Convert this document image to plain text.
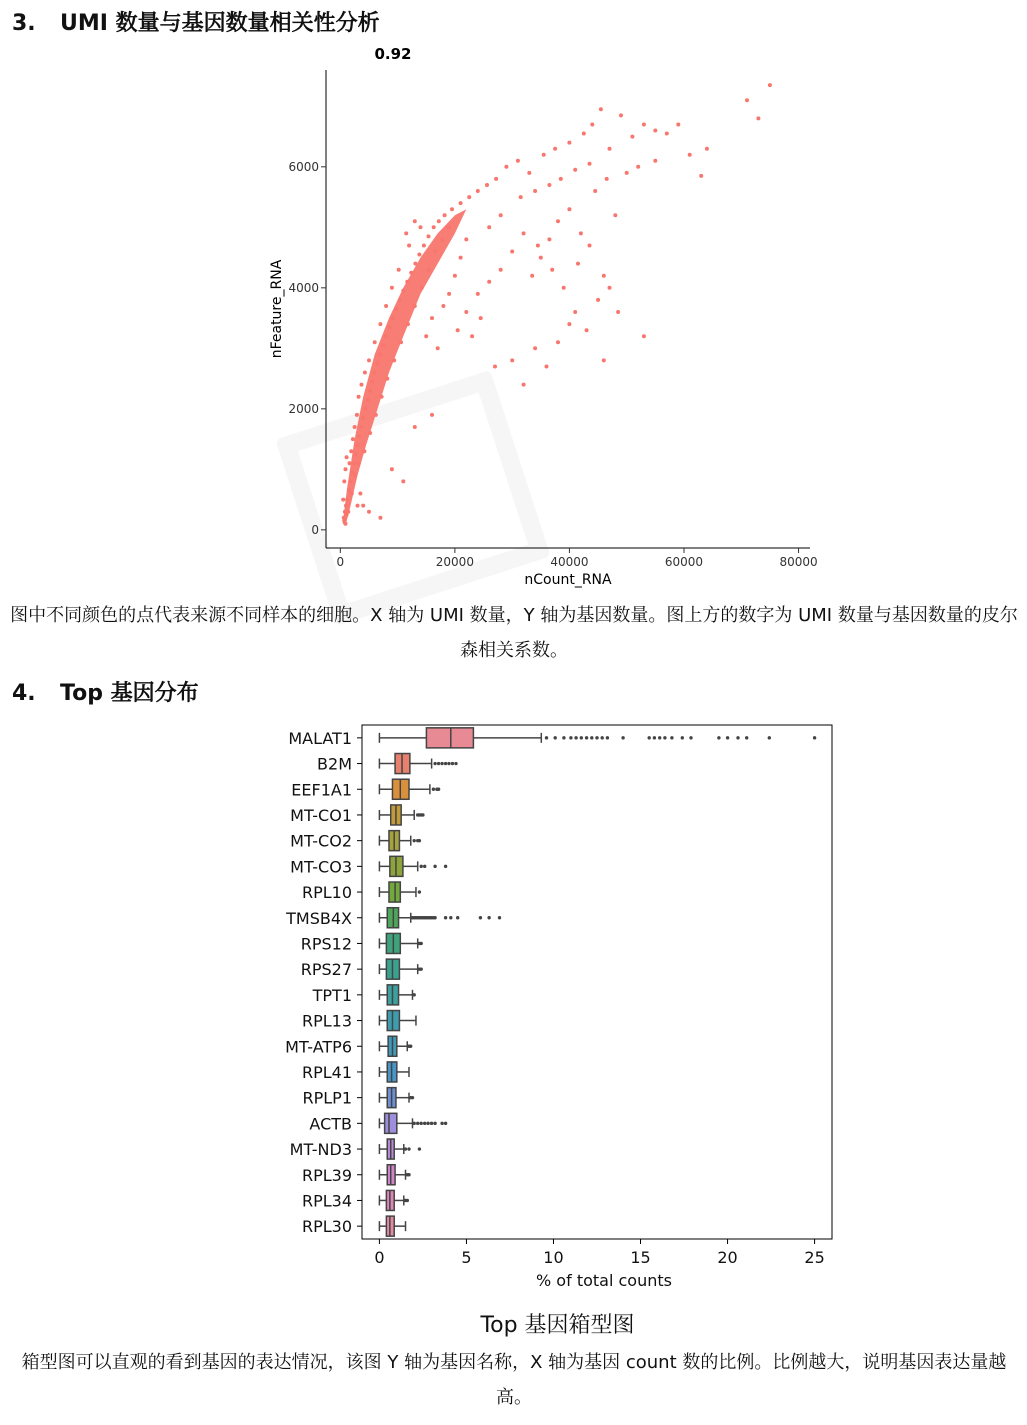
3. UMI 数量与基因数量相关性分析
0	20000	40000	60000	80000
0
2000
4000
6000
0.92
nCount_RNA
nFeature_RNA
图中不同颜色的点代表来源不同样本的细胞。X 轴为 UMI 数量，Y 轴为基因数量。图上方的数字为 UMI 数量与基因数量的皮尔森相关系数。
4. Top 基因分布
MALAT1
B2M
EEF1A1
MT-CO1
MT-CO2
MT-CO3
RPL10
TMSB4X
RPS12
RPS27
TPT1
RPL13
MT-ATP6
RPL41
RPLP1
ACTB
MT-ND3
RPL39
RPL34
RPL30
0	5	10	15	20	25
% of total counts
Top 基因箱型图
箱型图可以直观的看到基因的表达情况，该图 Y 轴为基因名称，X 轴为基因 count 数的比例。比例越大，说明基因表达量越高。
